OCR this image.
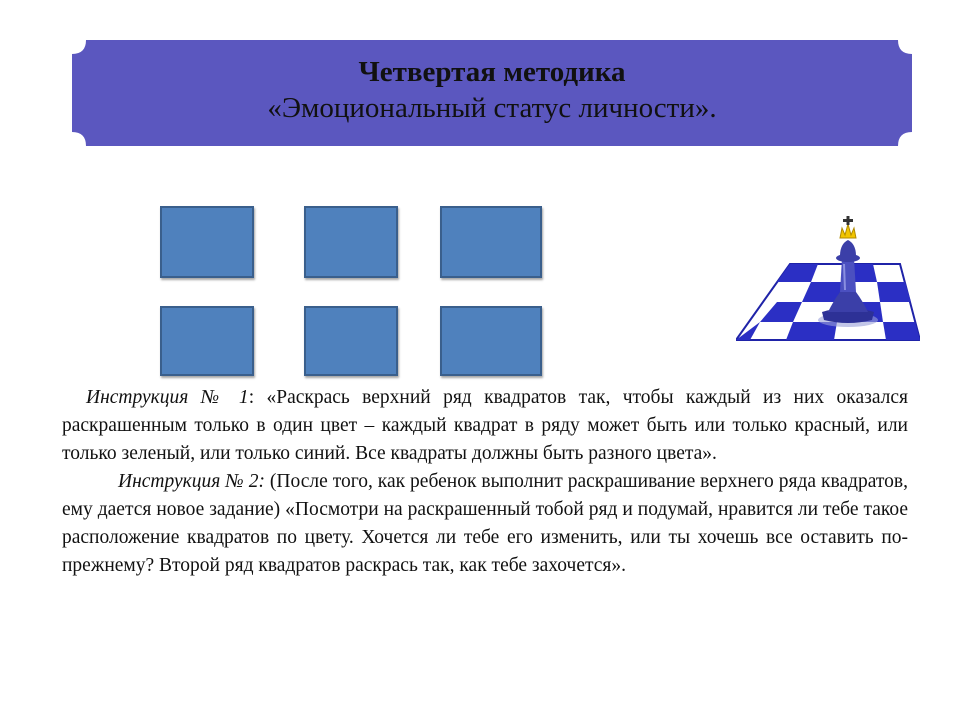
Четвертая методика
«Эмоциональный статус личности».

Инструкция № 1: «Раскрась верхний ряд квадратов так, чтобы каждый из них оказался раскрашенным только в один цвет – каждый квадрат в ряду может быть или только красный, или только зеленый, или только синий. Все квадраты должны быть разного цвета».

Инструкция № 2: (После того, как ребенок выполнит раскрашивание верхнего ряда квадратов, ему дается новое задание) «Посмотри на раскрашенный тобой ряд и подумай, нравится ли тебе такое расположение квадратов по цвету. Хочется ли тебе его изменить, или ты хочешь все оставить по-прежнему? Второй ряд квадратов раскрась так, как тебе захочется».
